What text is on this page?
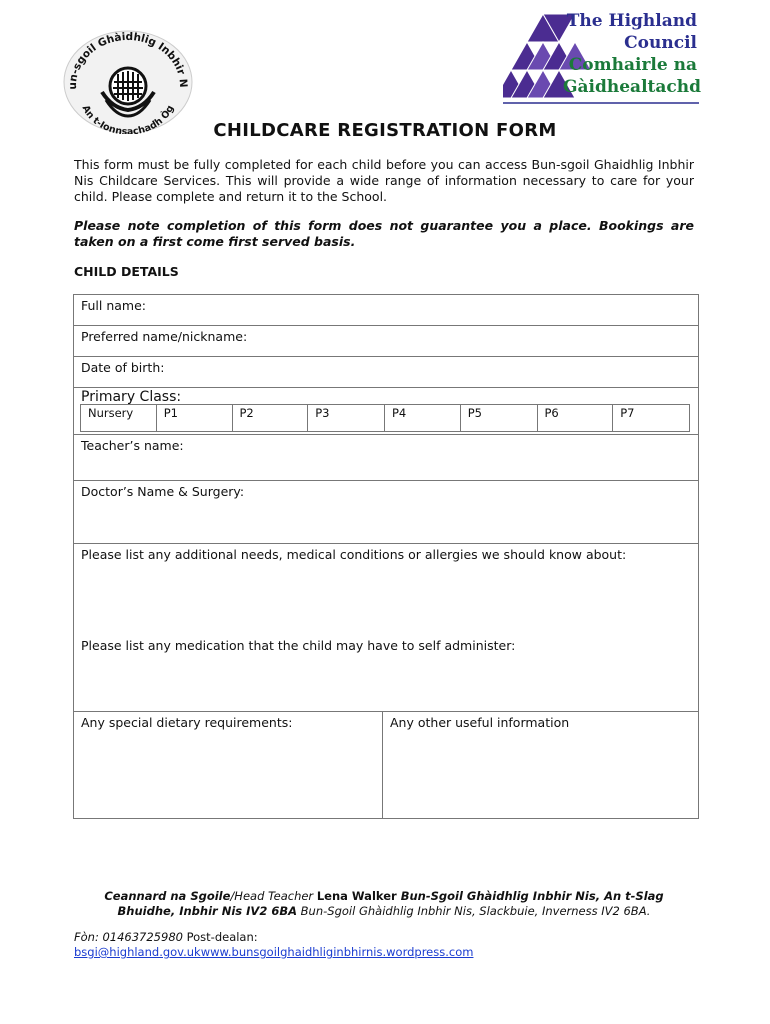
un-sgoil Ghàidhlig Inbhir N
An t-Ionnsachadh Òg
The Highland
Council
Comhairle na
Gàidhealtachd
CHILDCARE REGISTRATION FORM
This form must be fully completed for each child before you can access Bun-sgoil Ghaidhlig Inbhir Nis Childcare Services. This will provide a wide range of information necessary to care for your child. Please complete and return it to the School.
Please note completion of this form does not guarantee you a place. Bookings are taken on a first come first served basis.
CHILD DETAILS
Full name:
Preferred name/nickname:
Date of birth:
Primary Class:
Nursery	P1	P2	P3	P4	P5	P6	P7
Teacher’s name:
Doctor’s Name & Surgery:
Please list any additional needs, medical conditions or allergies we should know about:
Please list any medication that the child may have to self administer:
Any special dietary requirements:	Any other useful information
Ceannard na Sgoile/Head Teacher Lena Walker Bun-Sgoil Ghàidhlig Inbhir Nis, An t-Slag Bhuidhe, Inbhir Nis IV2 6BA Bun-Sgoil Ghàidhlig Inbhir Nis, Slackbuie, Inverness IV2 6BA.
Fòn: 01463725980 Post-dealan:
bsgi@highland.gov.ukwww.bunsgoilghaidhliginbhirnis.wordpress.com
